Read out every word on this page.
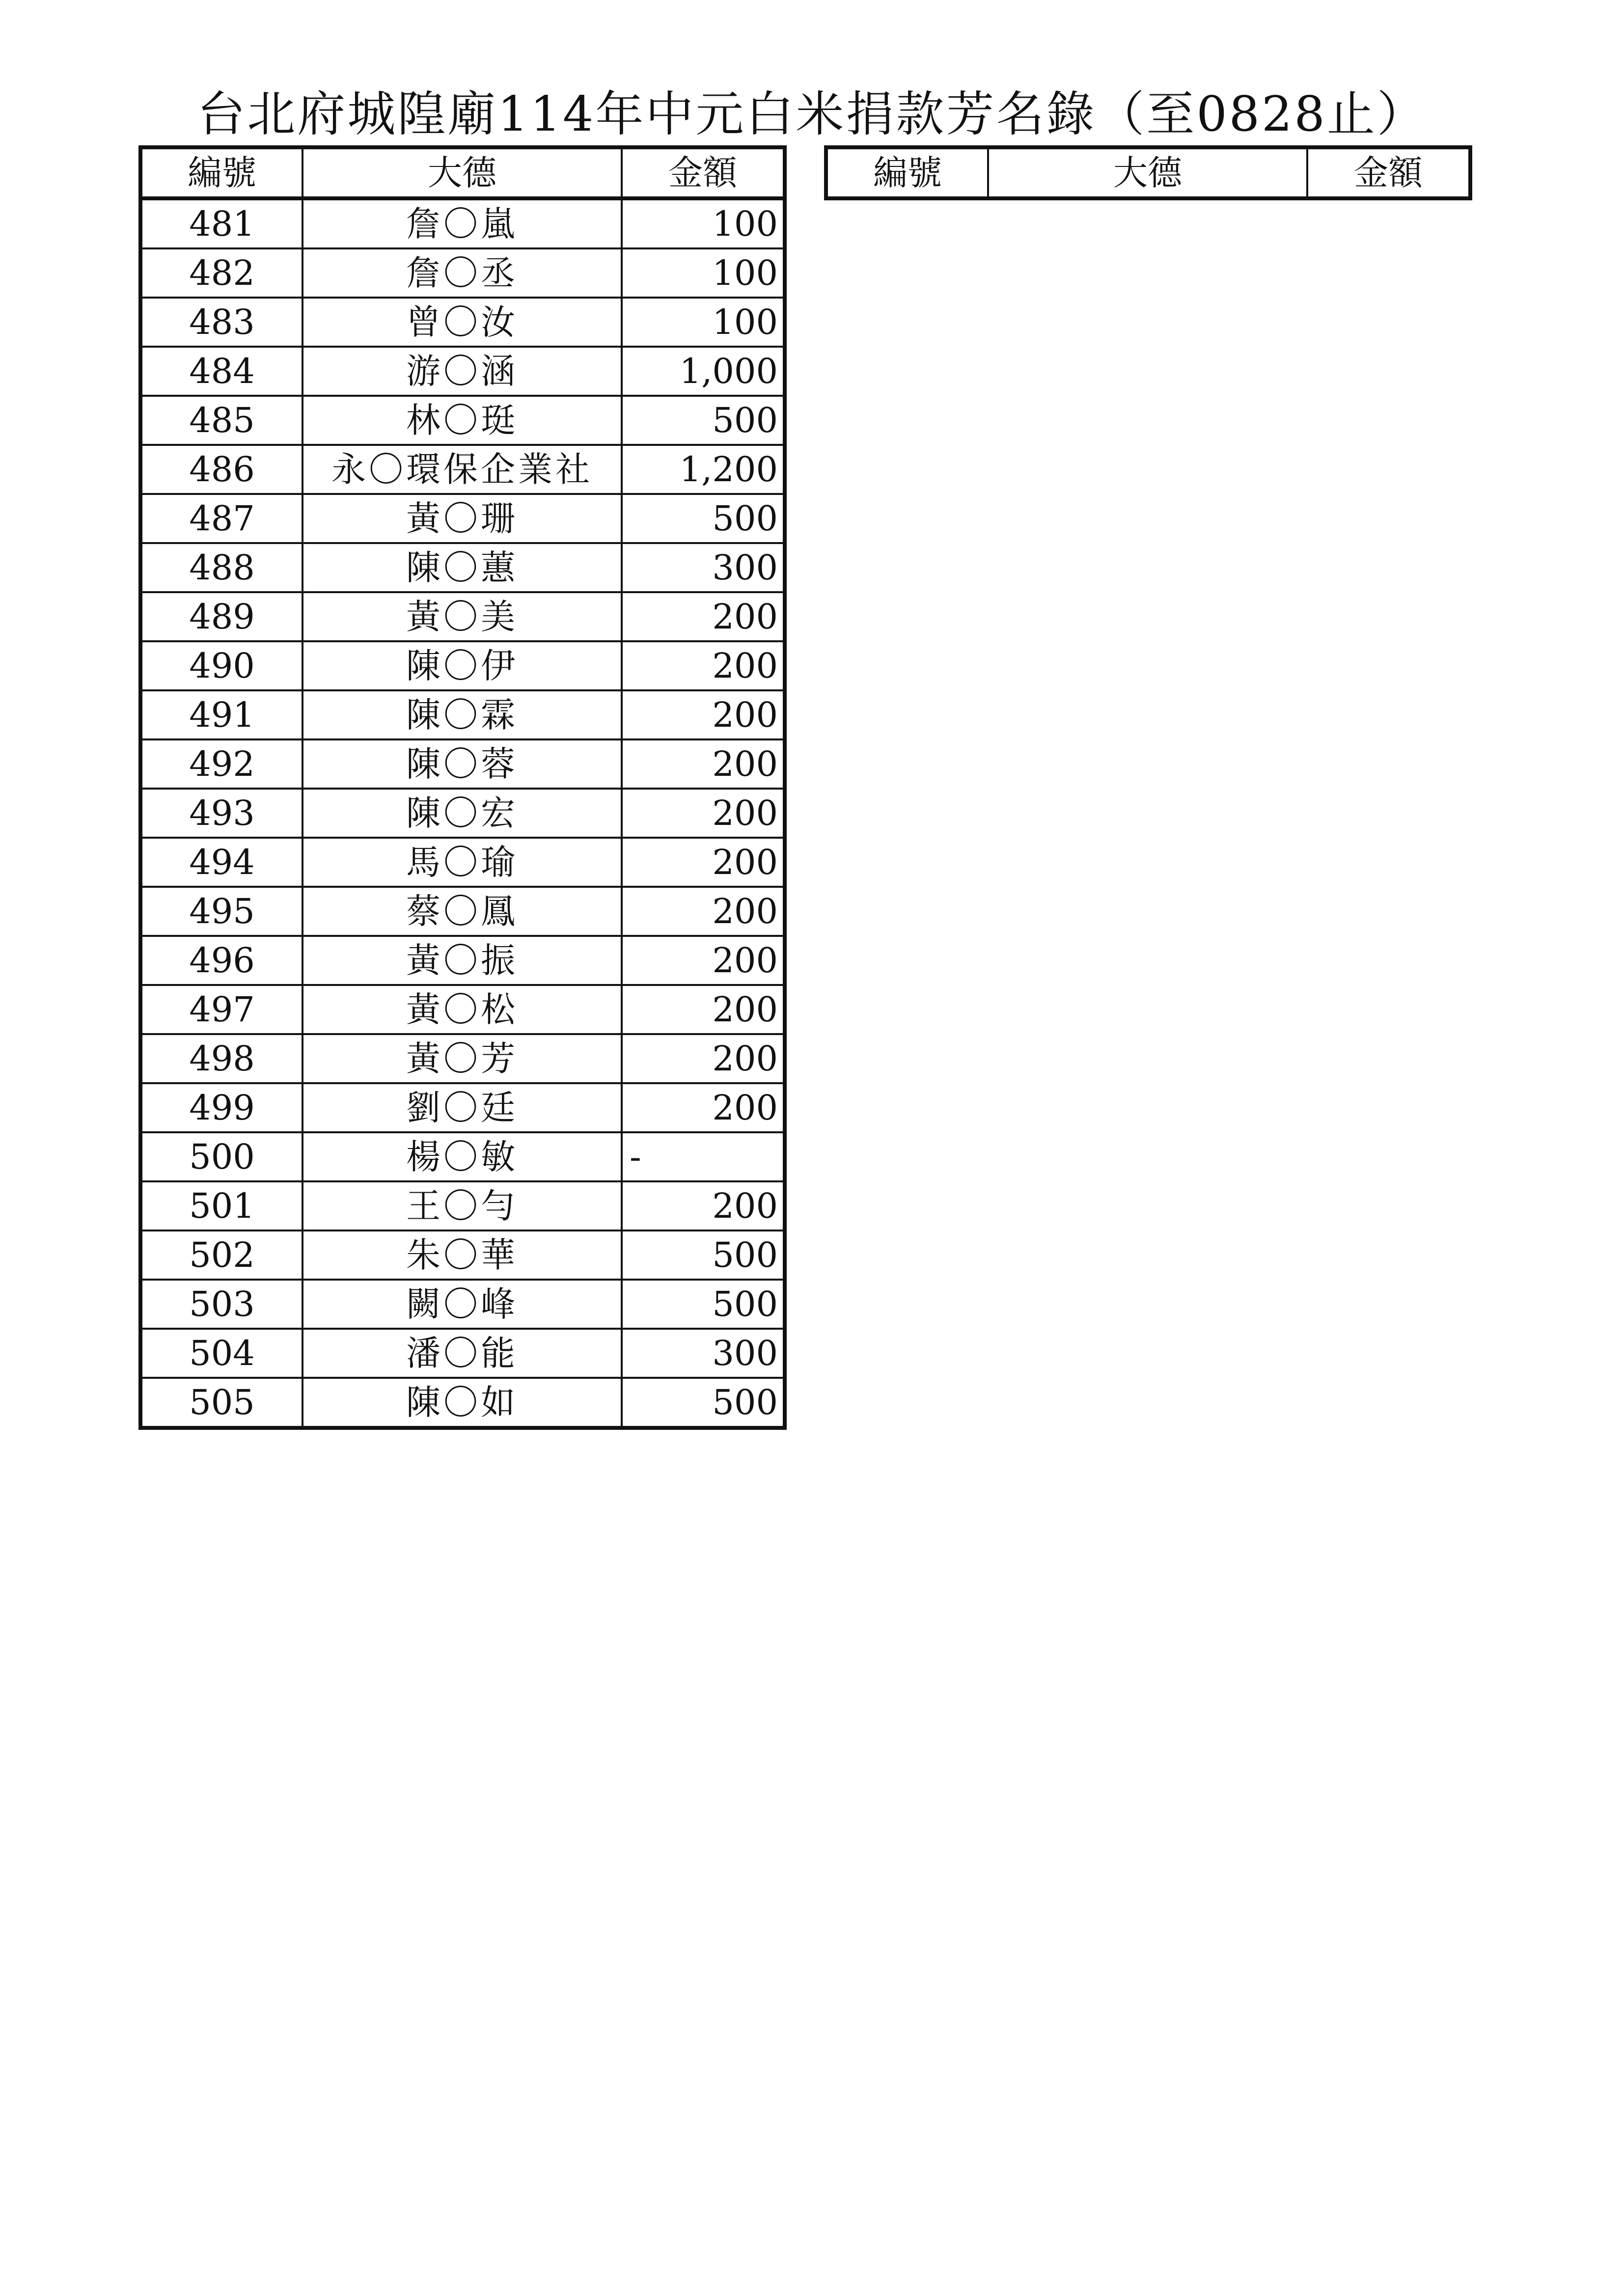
台北府城隍廟114年中元白米捐款芳名錄（至0828止）
編號	大德	金額
481	詹〇嵐	100
482	詹〇丞	100
483	曾〇汝	100
484	游〇涵	1,000
485	林〇珽	500
486	永〇環保企業社	1,200
487	黃〇珊	500
488	陳〇蕙	300
489	黃〇美	200
490	陳〇伊	200
491	陳〇霖	200
492	陳〇蓉	200
493	陳〇宏	200
494	馬〇瑜	200
495	蔡〇鳳	200
496	黃〇振	200
497	黃〇松	200
498	黃〇芳	200
499	劉〇廷	200
500	楊〇敏	-
501	王〇勻	200
502	朱〇華	500
503	闕〇峰	500
504	潘〇能	300
505	陳〇如	500
編號	大德	金額
